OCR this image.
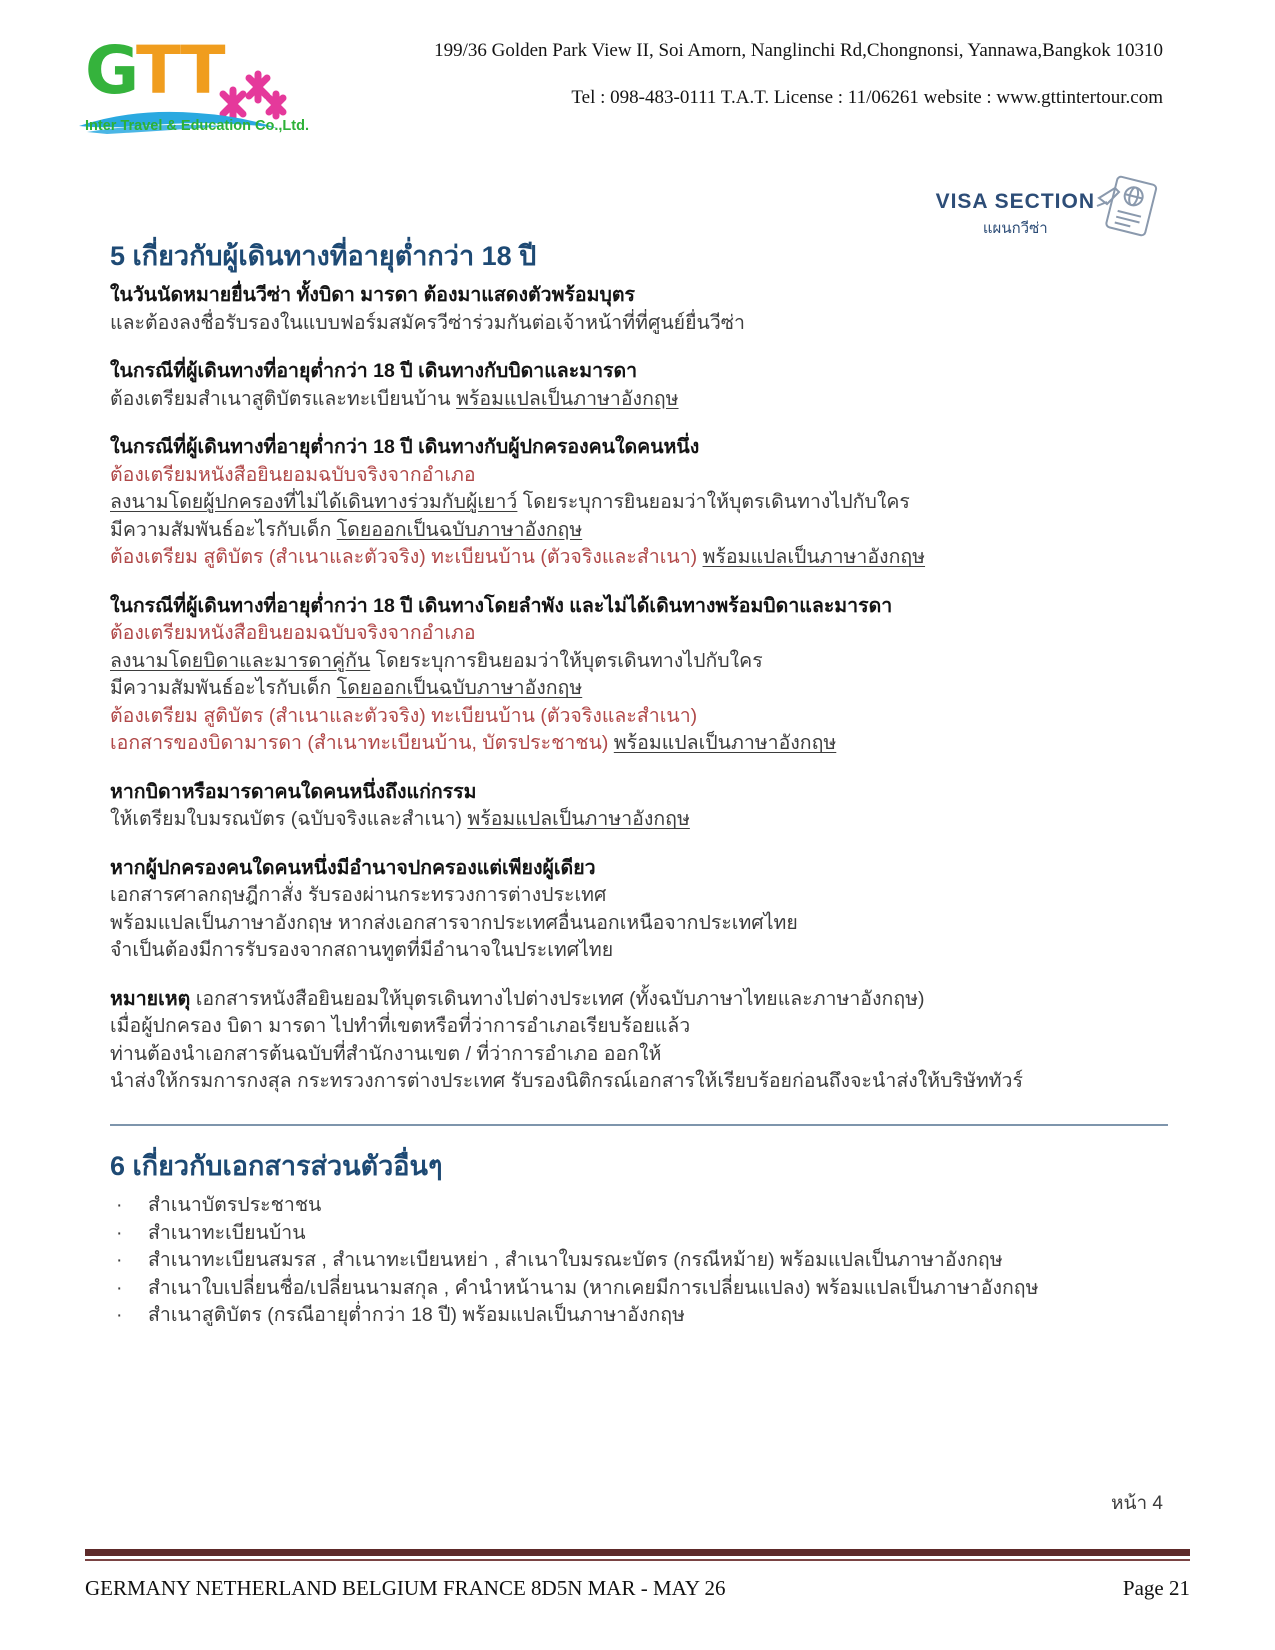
GTT
Inter Travel & Education Co.,Ltd.
199/36 Golden Park View II, Soi Amorn, Nanglinchi Rd,Chongnonsi, Yannawa,Bangkok 10310
Tel : 098-483-0111 T.A.T. License : 11/06261 website : www.gttintertour.com
VISA SECTION
แผนกวีซ่า
5 เกี่ยวกับผู้เดินทางที่อายุต่ำกว่า 18 ปี

ในวันนัดหมายยื่นวีซ่า ทั้งบิดา มารดา ต้องมาแสดงตัวพร้อมบุตร

และต้องลงชื่อรับรองในแบบฟอร์มสมัครวีซ่าร่วมกันต่อเจ้าหน้าที่ที่ศูนย์ยื่นวีซ่า

ในกรณีที่ผู้เดินทางที่อายุต่ำกว่า 18 ปี เดินทางกับบิดาและมารดา

ต้องเตรียมสำเนาสูติบัตรและทะเบียนบ้าน พร้อมแปลเป็นภาษาอังกฤษ

ในกรณีที่ผู้เดินทางที่อายุต่ำกว่า 18 ปี เดินทางกับผู้ปกครองคนใดคนหนึ่ง

ต้องเตรียมหนังสือยินยอมฉบับจริงจากอำเภอ

ลงนามโดยผู้ปกครองที่ไม่ได้เดินทางร่วมกับผู้เยาว์ โดยระบุการยินยอมว่าให้บุตรเดินทางไปกับใคร

มีความสัมพันธ์อะไรกับเด็ก โดยออกเป็นฉบับภาษาอังกฤษ

ต้องเตรียม สูติบัตร (สำเนาและตัวจริง) ทะเบียนบ้าน (ตัวจริงและสำเนา) พร้อมแปลเป็นภาษาอังกฤษ

ในกรณีที่ผู้เดินทางที่อายุต่ำกว่า 18 ปี เดินทางโดยลำพัง และไม่ได้เดินทางพร้อมบิดาและมารดา

ต้องเตรียมหนังสือยินยอมฉบับจริงจากอำเภอ

ลงนามโดยบิดาและมารดาคู่กัน โดยระบุการยินยอมว่าให้บุตรเดินทางไปกับใคร

มีความสัมพันธ์อะไรกับเด็ก โดยออกเป็นฉบับภาษาอังกฤษ

ต้องเตรียม สูติบัตร (สำเนาและตัวจริง) ทะเบียนบ้าน (ตัวจริงและสำเนา)

เอกสารของบิดามารดา (สำเนาทะเบียนบ้าน, บัตรประชาชน) พร้อมแปลเป็นภาษาอังกฤษ

หากบิดาหรือมารดาคนใดคนหนึ่งถึงแก่กรรม

ให้เตรียมใบมรณบัตร (ฉบับจริงและสำเนา) พร้อมแปลเป็นภาษาอังกฤษ

หากผู้ปกครองคนใดคนหนึ่งมีอำนาจปกครองแต่เพียงผู้เดียว

เอกสารศาลกฤษฎีกาสั่ง รับรองผ่านกระทรวงการต่างประเทศ

พร้อมแปลเป็นภาษาอังกฤษ หากส่งเอกสารจากประเทศอื่นนอกเหนือจากประเทศไทย

จำเป็นต้องมีการรับรองจากสถานทูตที่มีอำนาจในประเทศไทย

หมายเหตุ เอกสารหนังสือยินยอมให้บุตรเดินทางไปต่างประเทศ (ทั้งฉบับภาษาไทยและภาษาอังกฤษ)

เมื่อผู้ปกครอง บิดา มารดา ไปทำที่เขตหรือที่ว่าการอำเภอเรียบร้อยแล้ว

ท่านต้องนำเอกสารต้นฉบับที่สำนักงานเขต / ที่ว่าการอำเภอ ออกให้

นำส่งให้กรมการกงสุล กระทรวงการต่างประเทศ รับรองนิติกรณ์เอกสารให้เรียบร้อยก่อนถึงจะนำส่งให้บริษัททัวร์

6 เกี่ยวกับเอกสารส่วนตัวอื่นๆ
·	สำเนาบัตรประชาชน
·	สำเนาทะเบียนบ้าน
·	สำเนาทะเบียนสมรส , สำเนาทะเบียนหย่า , สำเนาใบมรณะบัตร (กรณีหม้าย) พร้อมแปลเป็นภาษาอังกฤษ
·	สำเนาใบเปลี่ยนชื่อ/เปลี่ยนนามสกุล , คำนำหน้านาม (หากเคยมีการเปลี่ยนแปลง) พร้อมแปลเป็นภาษาอังกฤษ
·	สำเนาสูติบัตร (กรณีอายุต่ำกว่า 18 ปี) พร้อมแปลเป็นภาษาอังกฤษ
หน้า 4
GERMANY NETHERLAND BELGIUM FRANCE 8D5N MAR - MAY 26	Page 21
